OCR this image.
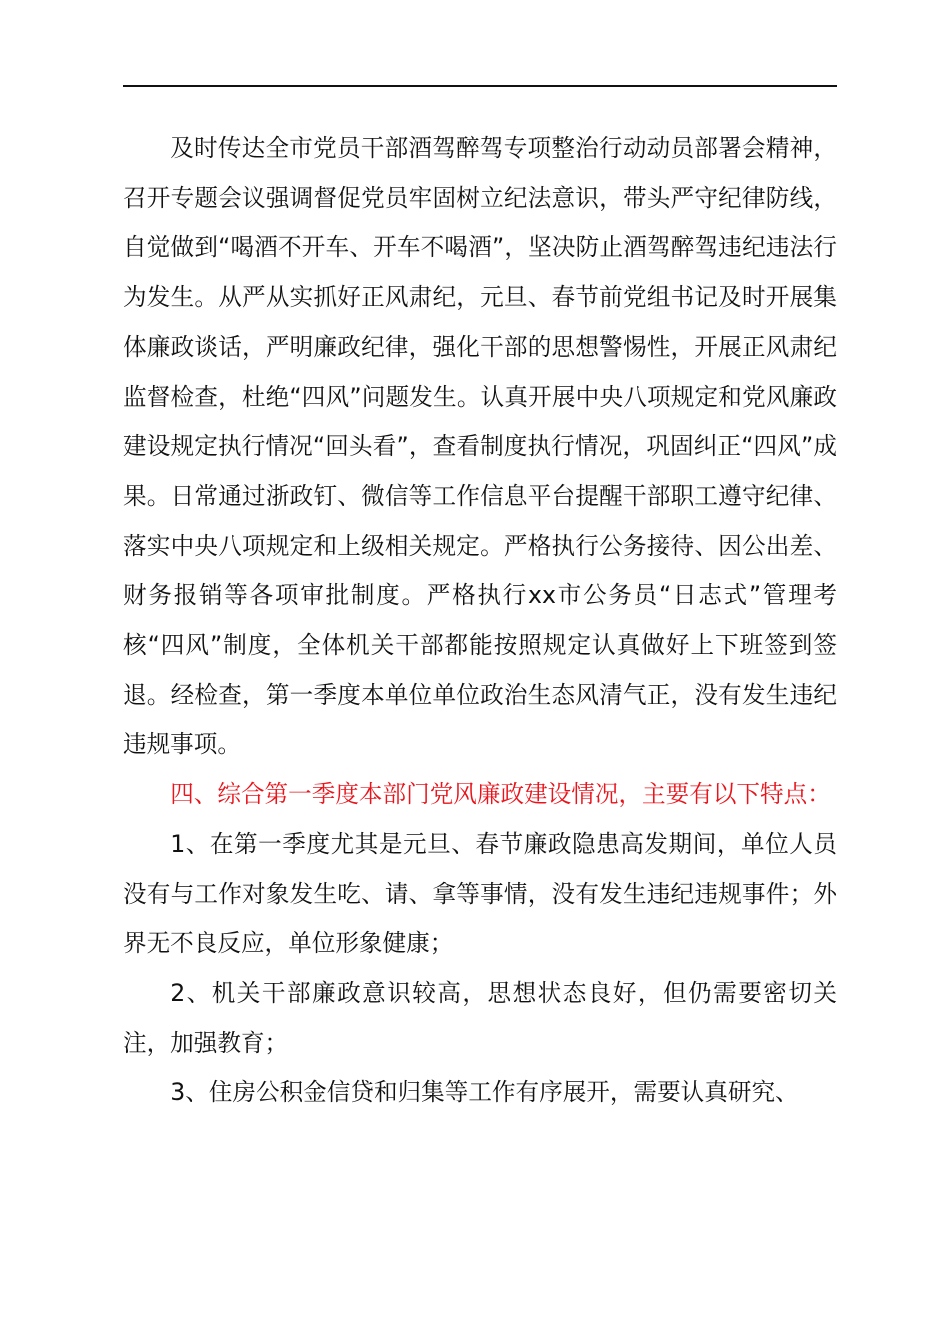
及时传达全市党员干部酒驾醉驾专项整治行动动员部署会精神，召开专题会议强调督促党员牢固树立纪法意识，带头严守纪律防线，自觉做到“喝酒不开车、开车不喝酒”，坚决防止酒驾醉驾违纪违法行为发生。从严从实抓好正风肃纪，元旦、春节前党组书记及时开展集体廉政谈话，严明廉政纪律，强化干部的思想警惕性，开展正风肃纪监督检查，杜绝“四风”问题发生。认真开展中央八项规定和党风廉政建设规定执行情况“回头看”，查看制度执行情况，巩固纠正“四风”成果。日常通过浙政钉、微信等工作信息平台提醒干部职工遵守纪律、落实中央八项规定和上级相关规定。严格执行公务接待、因公出差、财务报销等各项审批制度。严格执行xx市公务员“日志式”管理考核“四风”制度，全体机关干部都能按照规定认真做好上下班签到签退。经检查，第一季度本单位单位政治生态风清气正，没有发生违纪违规事项。

四、综合第一季度本部门党风廉政建设情况，主要有以下特点：

1、在第一季度尤其是元旦、春节廉政隐患高发期间，单位人员没有与工作对象发生吃、请、拿等事情，没有发生违纪违规事件；外界无不良反应，单位形象健康；

2、机关干部廉政意识较高，思想状态良好，但仍需要密切关注，加强教育；

3、住房公积金信贷和归集等工作有序展开，需要认真研究、
